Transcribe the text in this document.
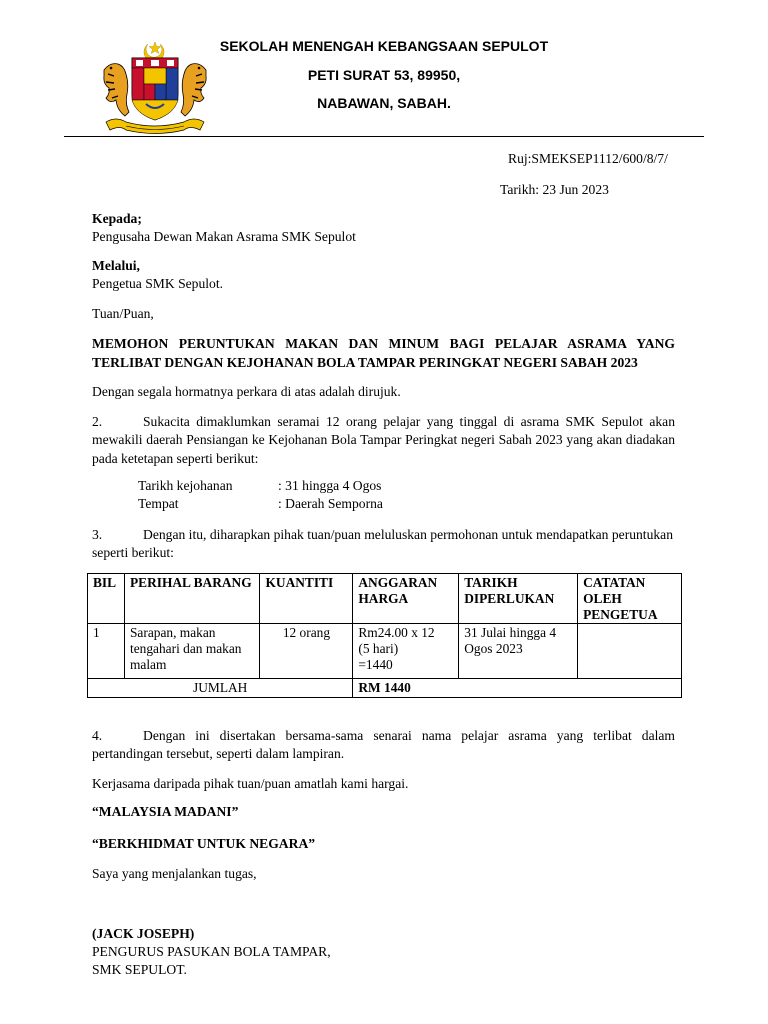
SEKOLAH MENENGAH KEBANGSAAN SEPULOT
PETI SURAT 53, 89950,
NABAWAN, SABAH.
Ruj:SMEKSEP1112/600/8/7/
Tarikh: 23 Jun 2023
Kepada;
Pengusaha Dewan Makan Asrama SMK Sepulot
Melalui,
Pengetua SMK Sepulot.
Tuan/Puan,
MEMOHON PERUNTUKAN MAKAN DAN MINUM BAGI PELAJAR ASRAMA YANG TERLIBAT DENGAN KEJOHANAN BOLA TAMPAR PERINGKAT NEGERI SABAH 2023
Dengan segala hormatnya perkara di atas adalah dirujuk.
2.	Sukacita dimaklumkan seramai 12 orang pelajar yang tinggal di asrama SMK Sepulot akan mewakili daerah Pensiangan ke Kejohanan Bola Tampar Peringkat negeri Sabah 2023 yang akan diadakan pada ketetapan seperti berikut:
Tarikh kejohanan	: 31 hingga 4 Ogos
Tempat	: Daerah Semporna
3.	Dengan itu, diharapkan pihak tuan/puan meluluskan permohonan untuk mendapatkan peruntukan seperti berikut:
BIL	PERIHAL BARANG	KUANTITI	ANGGARAN HARGA	TARIKH DIPERLUKAN	CATATAN OLEH PENGETUA
1	Sarapan, makan tengahari dan makan malam	12 orang	Rm24.00 x 12
(5 hari)
=1440	31 Julai hingga 4 Ogos 2023	
JUMLAH			RM 1440		
4.	Dengan ini disertakan bersama-sama senarai nama pelajar asrama yang terlibat dalam pertandingan tersebut, seperti dalam lampiran.
Kerjasama daripada pihak tuan/puan amatlah kami hargai.
“MALAYSIA MADANI”
“BERKHIDMAT UNTUK NEGARA”
Saya yang menjalankan tugas,
(JACK JOSEPH)
PENGURUS PASUKAN BOLA TAMPAR,
SMK SEPULOT.
